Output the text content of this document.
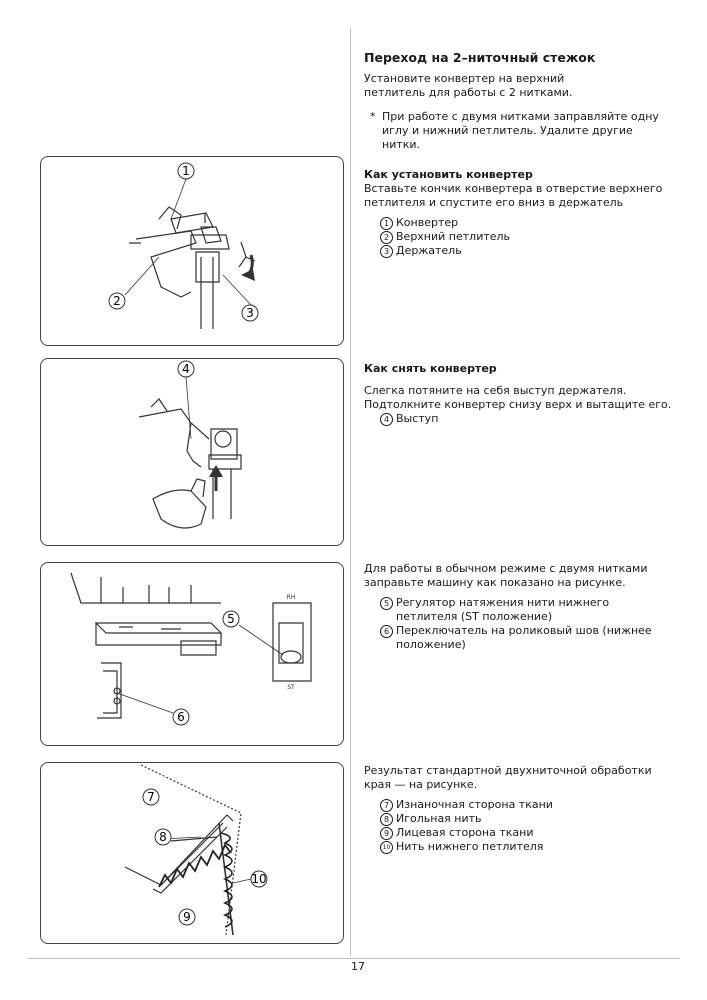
17
1
2
3
4
RH
ST
5
6
7
8
9
10
Переход на 2–ниточный стежок
Установите конвертер на верхний петлитель для работы с 2 нитками.
* При работе с двумя нитками заправляйте одну иглу и нижний петлитель. Удалите другие нитки.
Как установить конвертер
Вставьте кончик конвертера в отверстие верхнего петлителя и спустите его вниз в держатель
1 Конвертер
2 Верхний петлитель
3 Держатель
Как снять конвертер
Слегка потяните на себя выступ держателя. Подтолкните конвертер снизу верх и вытащите его.
4 Выступ
Для работы в обычном режиме с двумя нитками заправьте машину как показано на рисунке.
5 Регулятор натяжения нити нижнего петлителя (ST положение)
6 Переключатель на роликовый шов (нижнее положение)
Результат стандартной двухниточной обработки края — на рисунке.
7 Изнаночная сторона ткани
8 Игольная нить
9 Лицевая сторона ткани
10 Нить нижнего петлителя
